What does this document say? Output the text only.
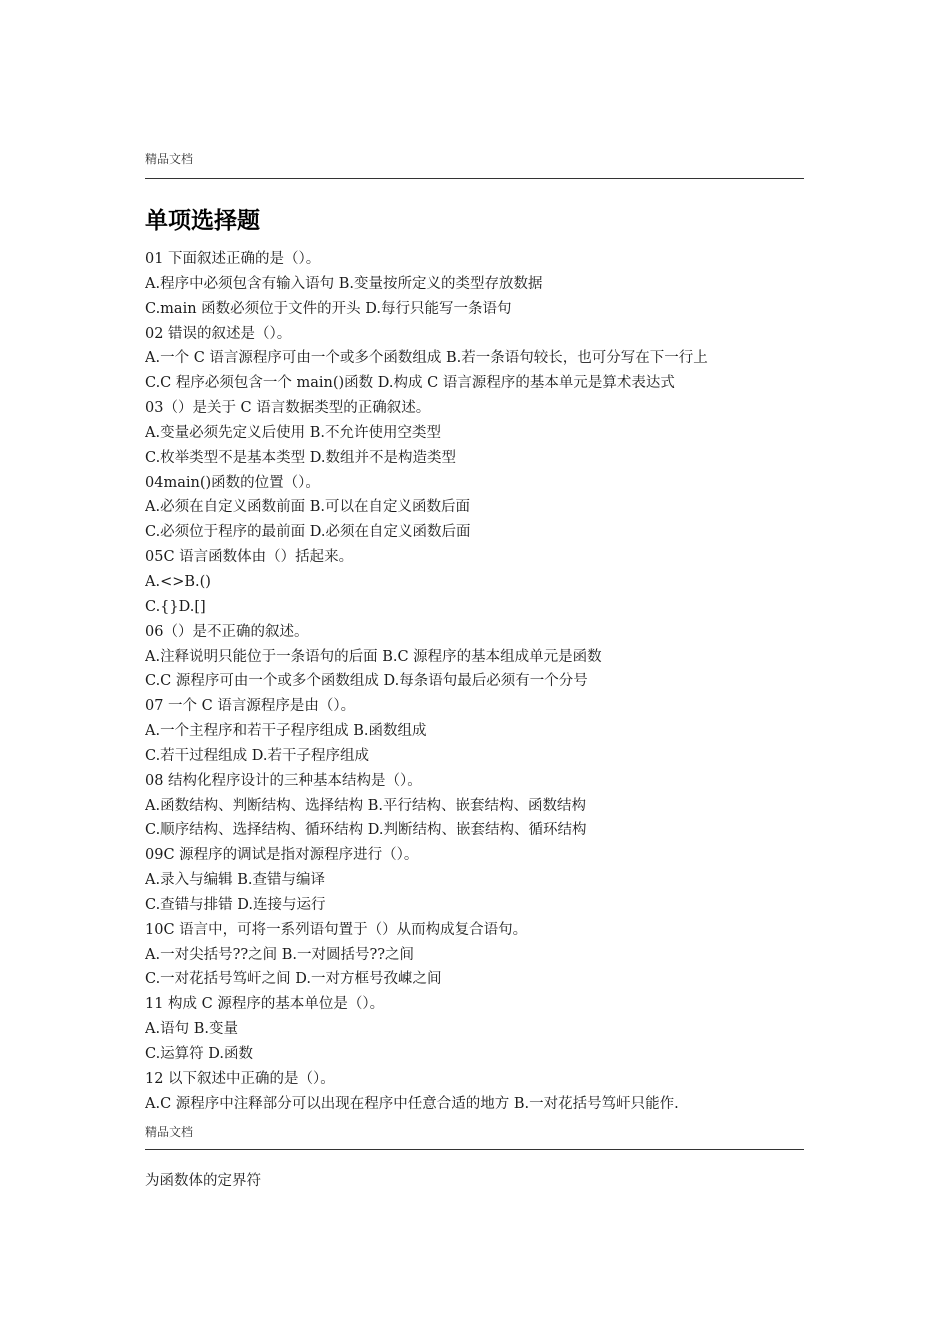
精品文档
单项选择题
01 下面叙述正确的是（）。
A.程序中必须包含有输入语句 B.变量按所定义的类型存放数据
C.main 函数必须位于文件的开头 D.每行只能写一条语句
02 错误的叙述是（）。
A.一个 C 语言源程序可由一个或多个函数组成 B.若一条语句较长，也可分写在下一行上
C.C 程序必须包含一个 main()函数 D.构成 C 语言源程序的基本单元是算术表达式
03（）是关于 C 语言数据类型的正确叙述。
A.变量必须先定义后使用 B.不允许使用空类型
C.枚举类型不是基本类型 D.数组并不是构造类型
04main()函数的位置（）。
A.必须在自定义函数前面 B.可以在自定义函数后面
C.必须位于程序的最前面 D.必须在自定义函数后面
05C 语言函数体由（）括起来。
A.<>B.()
C.{}D.[]
06（）是不正确的叙述。
A.注释说明只能位于一条语句的后面 B.C 源程序的基本组成单元是函数
C.C 源程序可由一个或多个函数组成 D.每条语句最后必须有一个分号
07 一个 C 语言源程序是由（）。
A.一个主程序和若干子程序组成 B.函数组成
C.若干过程组成 D.若干子程序组成
08 结构化程序设计的三种基本结构是（）。
A.函数结构、判断结构、选择结构 B.平行结构、嵌套结构、函数结构
C.顺序结构、选择结构、循环结构 D.判断结构、嵌套结构、循环结构
09C 源程序的调试是指对源程序进行（）。
A.录入与编辑 B.查错与编译
C.查错与排错 D.连接与运行
10C 语言中，可将一系列语句置于（）从而构成复合语句。
A.一对尖括号??之间 B.一对圆括号??之间
C.一对花括号笃屽之间 D.一对方框号孜崠之间
11 构成 C 源程序的基本单位是（）。
A.语句 B.变量
C.运算符 D.函数
12 以下叙述中正确的是（）。
A.C 源程序中注释部分可以出现在程序中任意合适的地方 B.一对花括号笃屽只能作.
精品文档
为函数体的定界符
